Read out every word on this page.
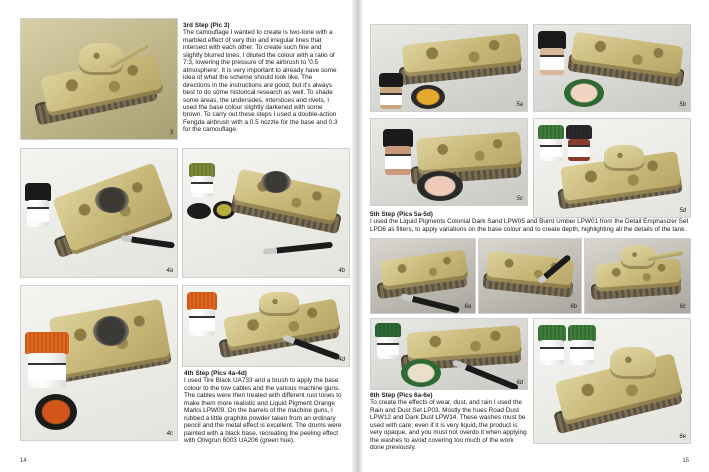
3
3rd Step (Pic 3)

The camouflage I wanted to create is two-tone with a marbled effect of very thin and irregular lines that intersect with each other. To create such fine and slightly blurred lines, I diluted the colour with a ratio of 7:3, lowering the pressure of the airbrush to '0.5 atmosphere'. It is very important to already have some idea of what the scheme should look like. The directions in the instructions are good, but it's always best to do some historical research as well. To shade some areas, the undersides, interstices and rivets, I used the base colour slightly darkened with some brown. To carry out these steps I used a double-action Fengda airbrush with a 0.5 nozzle for the base and 0.3 for the camouflage.

4a	4b
4c
4d
4th Step (Pics 4a-4d)

I used Tire Black UA733 and a brush to apply the base colour to the tow cables and the various machine guns. The cables were then treated with different rust tones to make them more realistic and Liquid Pigment Orange Marks LPW09. On the barrels of the machine guns, I rubbed a little graphite powder taken from an ordinary pencil and the metal effect is excellent. The drums were painted with a black base, recreating the peeling effect with Olivgrun 6003 UA206 (green hue).

14
5a	5b
5c
5d
5th Step (Pics 5a-5d)

I used the Liquid Pigments Colonial Dark Sand LPW05 and Burnt Umber LPW01 from the Detail Emphasizer Set LPD6 as filters, to apply variations on the base colour and to create depth, highlighting all the details of the tank.

6a	6b	6c
6d
6th Step (Pics 6a-6e)

To create the effects of wear, dust, and rain I used the Rain and Dust Set LP03. Mostly the hues Road Dust LPW12 and Dark Dust LPW14. These washes must be used with care; even if it is very liquid, the product is very opaque, and you must not overdo it when applying the washes to avoid covering too much of the work done previously.

6e
15
